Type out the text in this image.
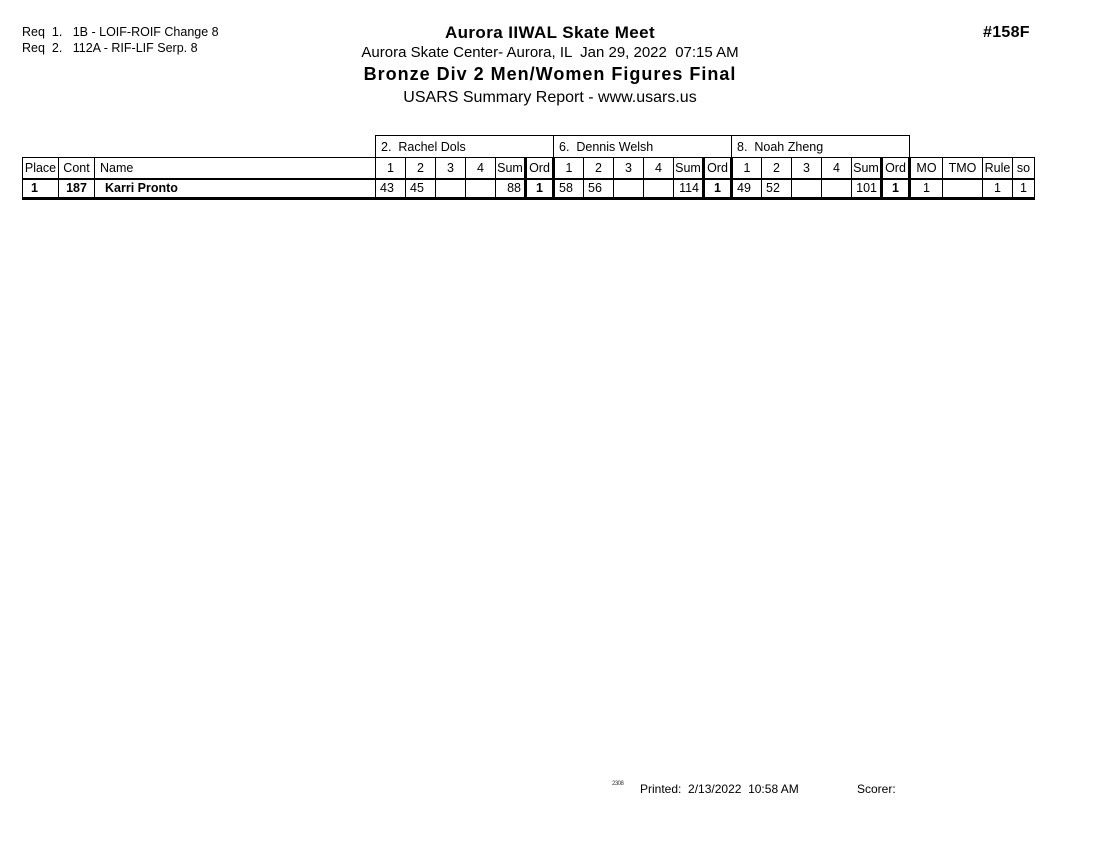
Req  1.   1B - LOIF-ROIF Change 8
Req  2.   112A - RIF-LIF Serp. 8
Aurora IIWAL Skate Meet
Aurora Skate Center- Aurora, IL  Jan 29, 2022  07:15 AM
Bronze Div 2 Men/Women Figures Final
USARS Summary Report - www.usars.us
#158F
			2.  Rachel Dols						6.  Dennis Welsh						8.  Noah Zheng									
Place	Cont	Name	1	2	3	4	Sum	Ord	1	2	3	4	Sum	Ord	1	2	3	4	Sum	Ord	MO	TMO	Rule	so
1	187	Karri Pronto	43	45			88	1	58	56			114	1	49	52			101	1	1		1	1
2308 Printed: 2/13/2022  10:58 AM	Scorer:
